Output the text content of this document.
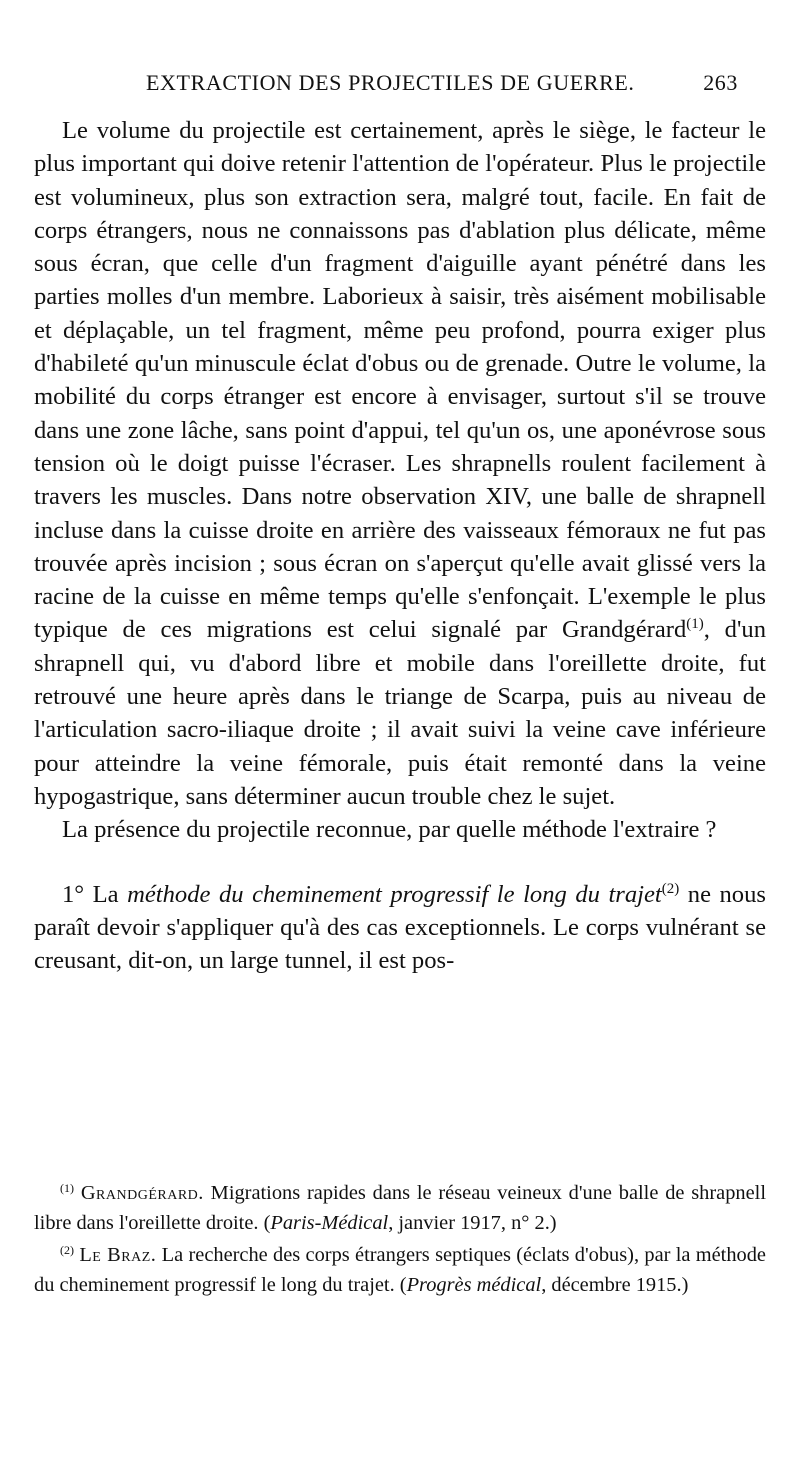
EXTRACTION DES PROJECTILES DE GUERRE.	263

Le volume du projectile est certainement, après le siège, le facteur le plus important qui doive retenir l'attention de l'opérateur. Plus le projectile est volumineux, plus son extraction sera, malgré tout, facile. En fait de corps étrangers, nous ne connaissons pas d'ablation plus délicate, même sous écran, que celle d'un fragment d'aiguille ayant pénétré dans les parties molles d'un membre. Laborieux à saisir, très aisément mobilisable et déplaçable, un tel fragment, même peu profond, pourra exiger plus d'habileté qu'un minuscule éclat d'obus ou de grenade. Outre le volume, la mobilité du corps étranger est encore à envisager, surtout s'il se trouve dans une zone lâche, sans point d'appui, tel qu'un os, une aponévrose sous tension où le doigt puisse l'écraser. Les shrapnells roulent facilement à travers les muscles. Dans notre observation XIV, une balle de shrapnell incluse dans la cuisse droite en arrière des vaisseaux fémoraux ne fut pas trouvée après incision ; sous écran on s'aperçut qu'elle avait glissé vers la racine de la cuisse en même temps qu'elle s'enfonçait. L'exemple le plus typique de ces migrations est celui signalé par Grandgérard$^{(1)}$, d'un shrapnell qui, vu d'abord libre et mobile dans l'oreillette droite, fut retrouvé une heure après dans le triange de Scarpa, puis au niveau de l'articulation sacro-iliaque droite ; il avait suivi la veine cave inférieure pour atteindre la veine fémorale, puis était remonté dans la veine hypogastrique, sans déterminer aucun trouble chez le sujet.

La présence du projectile reconnue, par quelle méthode l'extraire ?

1° La méthode du cheminement progressif le long du trajet$^{(2)}$ ne nous paraît devoir s'appliquer qu'à des cas exceptionnels. Le corps vulnérant se creusant, dit-on, un large tunnel, il est pos-

$^{(1)}$ Grandgérard. Migrations rapides dans le réseau veineux d'une balle de shrapnell libre dans l'oreillette droite. (Paris-Médical, janvier 1917, n° 2.)

$^{(2)}$ Le Braz. La recherche des corps étrangers septiques (éclats d'obus), par la méthode du cheminement progressif le long du trajet. (Progrès médical, décembre 1915.)
